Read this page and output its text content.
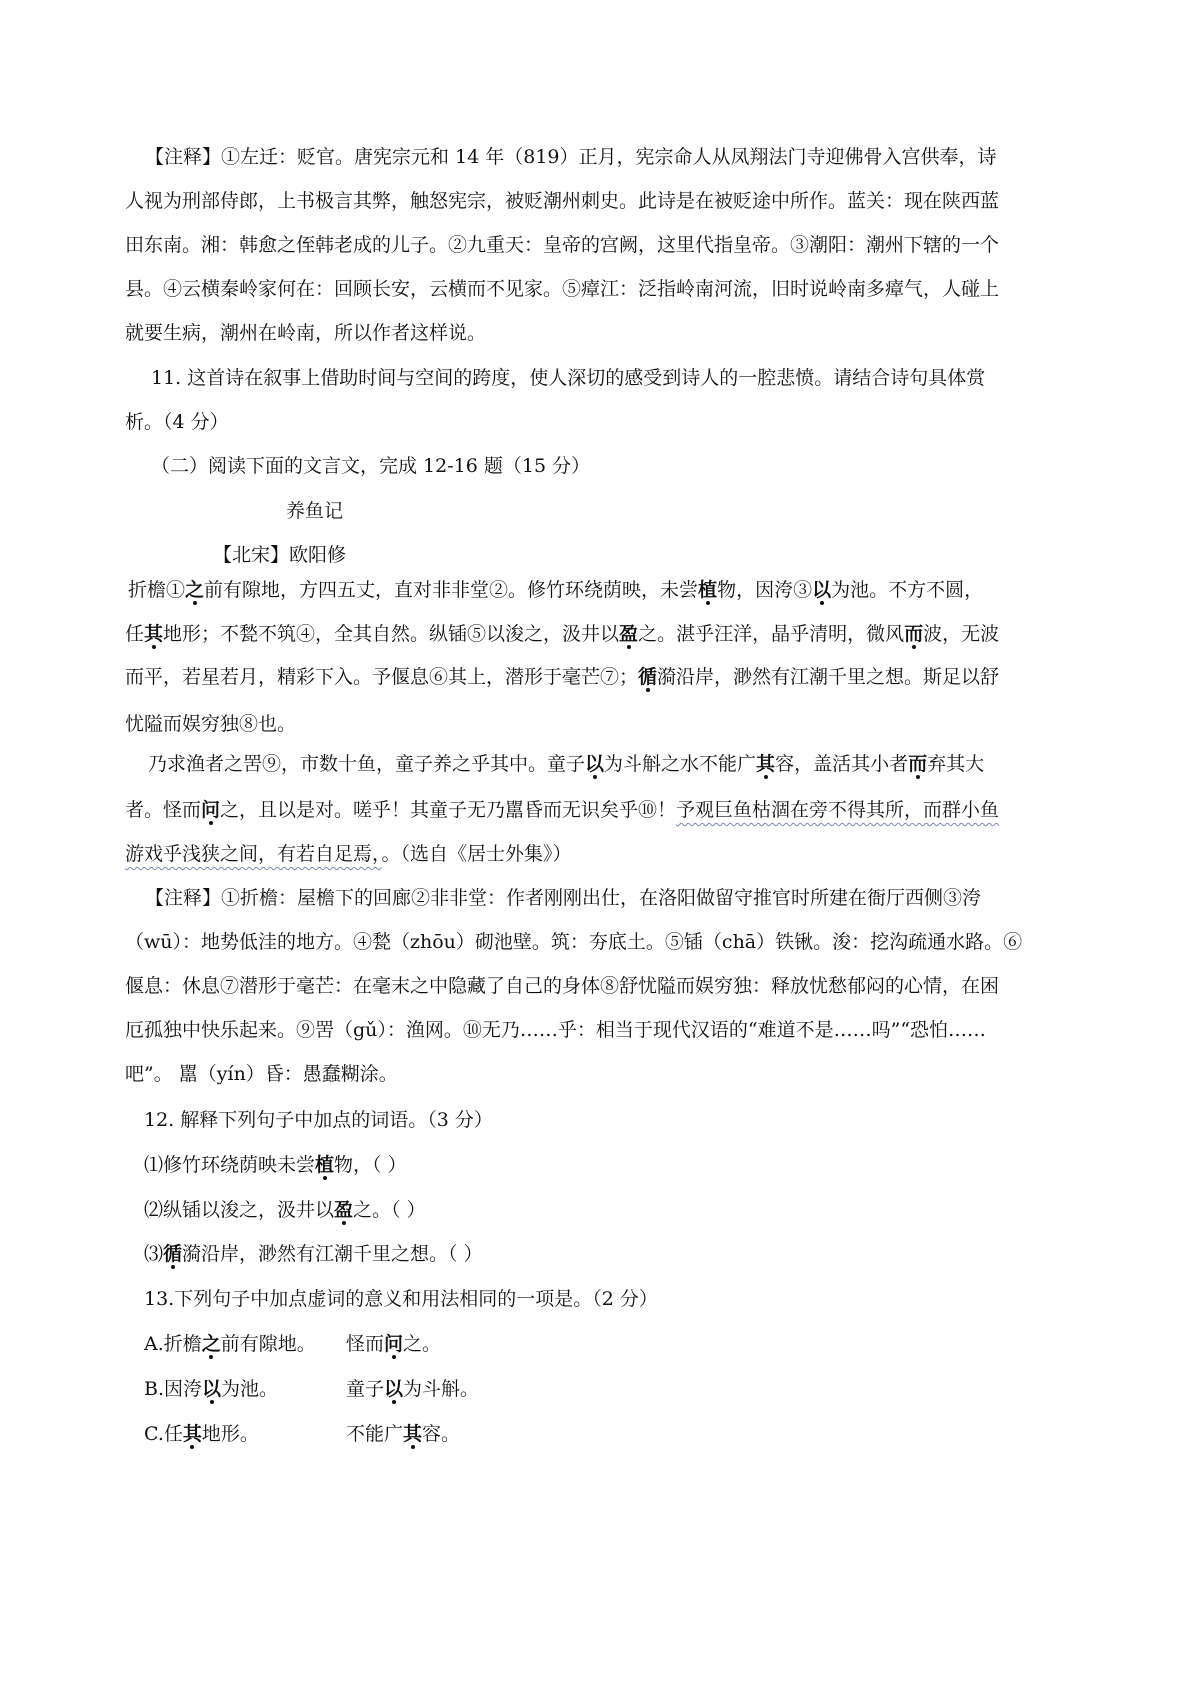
【注释】①左迁：贬官。唐宪宗元和 14 年（819）正月，宪宗命人从凤翔法门寺迎佛骨入宫供奉，诗
人视为刑部侍郎，上书极言其弊，触怒宪宗，被贬潮州刺史。此诗是在被贬途中所作。蓝关：现在陕西蓝
田东南。湘：韩愈之侄韩老成的儿子。②九重天：皇帝的宫阙，这里代指皇帝。③潮阳：潮州下辖的一个
县。④云横秦岭家何在：回顾长安，云横而不见家。⑤瘴江：泛指岭南河流，旧时说岭南多瘴气，人碰上
就要生病，潮州在岭南，所以作者这样说。
11. 这首诗在叙事上借助时间与空间的跨度，使人深切的感受到诗人的一腔悲愤。请结合诗句具体赏
析。（4 分）
（二）阅读下面的文言文，完成 12-16 题（15 分）
养鱼记
【北宋】欧阳修
折檐①之前有隙地，方四五丈，直对非非堂②。修竹环绕荫映，未尝植物，因洿③以为池。不方不圆，
任其地形；不甃不筑④，全其自然。纵锸⑤以浚之，汲井以盈之。湛乎汪洋，晶乎清明，微风而波，无波
而平，若星若月，精彩下入。予偃息⑥其上，潜形于毫芒⑦；循漪沿岸，渺然有江潮千里之想。斯足以舒
忧隘而娱穷独⑧也。
乃求渔者之罟⑨，市数十鱼，童子养之乎其中。童子以为斗斛之水不能广其容，盖活其小者而弃其大
者。怪而问之，且以是对。嗟乎！其童子无乃嚚昏而无识矣乎⑩！予观巨鱼枯涸在旁不得其所，而群小鱼
游戏乎浅狭之间，有若自足焉，。（选自《居士外集》）
【注释】①折檐：屋檐下的回廊②非非堂：作者刚刚出仕，在洛阳做留守推官时所建在衙厅西侧③洿
（wū）：地势低洼的地方。④甃（zhōu）砌池壁。筑：夯底土。⑤锸（chā）铁锹。浚：挖沟疏通水路。⑥
偃息：休息⑦潜形于毫芒：在毫末之中隐藏了自己的身体⑧舒忧隘而娱穷独：释放忧愁郁闷的心情，在困
厄孤独中快乐起来。⑨罟（gǔ）：渔网。⑩无乃……乎：相当于现代汉语的“难道不是……吗”“恐怕……
吧”。 嚚（yín）昏：愚蠢糊涂。
12. 解释下列句子中加点的词语。（3 分）
⑴修竹环绕荫映未尝植物，（ ）
⑵纵锸以浚之，汲井以盈之。（ ）
⑶循漪沿岸，渺然有江潮千里之想。（ ）
13.下列句子中加点虚词的意义和用法相同的一项是。（2 分）
A.折檐之前有隙地。 怪而问之。
B.因洿以为池。	童子以为斗斛。
C.任其地形。	不能广其容。
